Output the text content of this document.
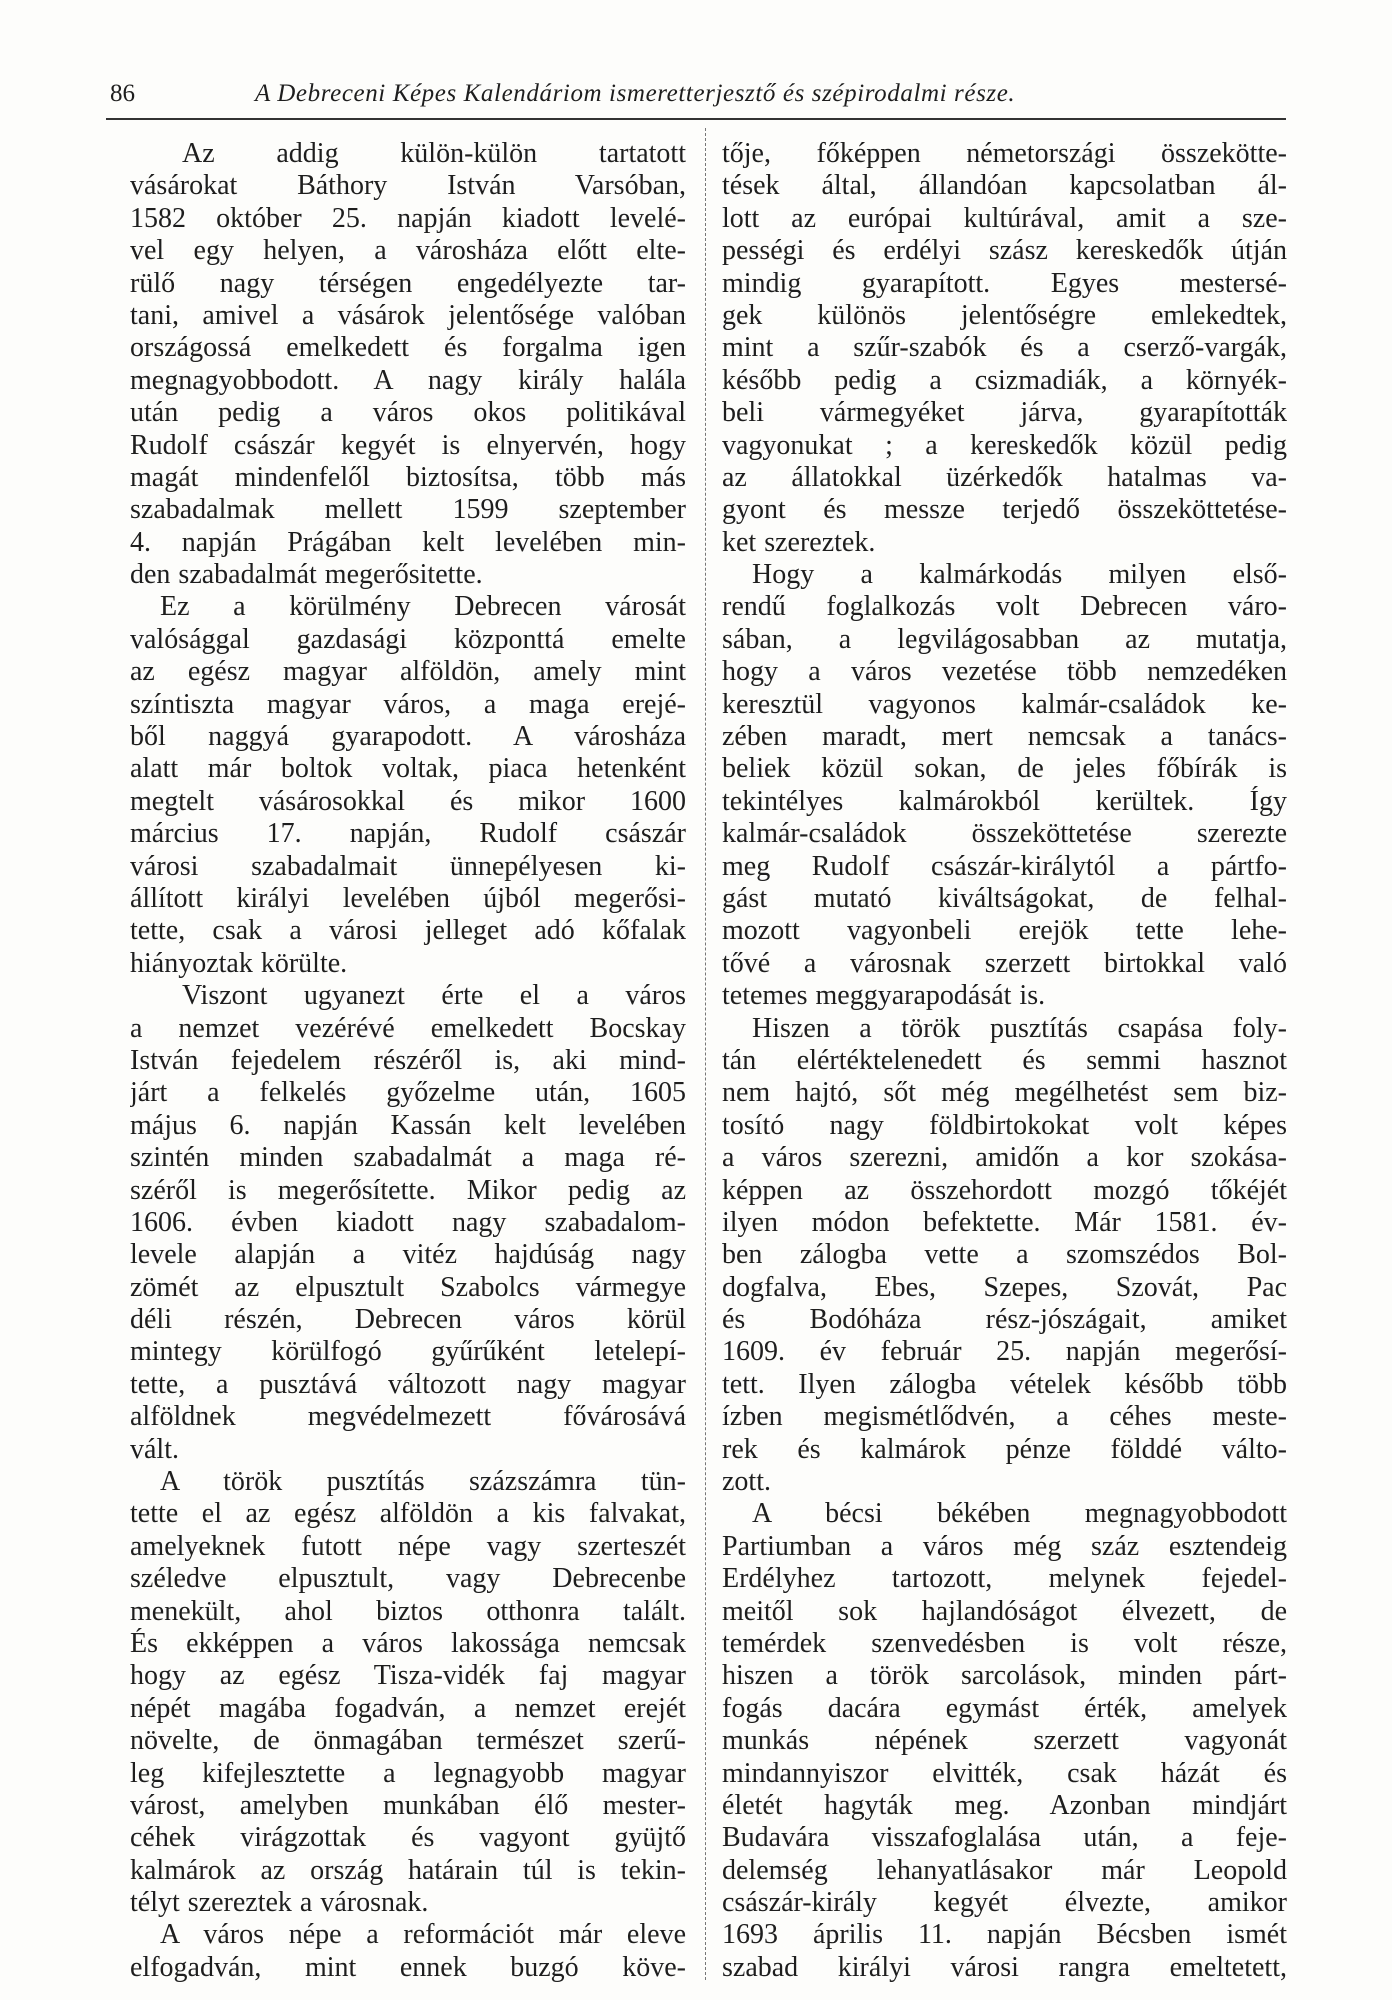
86	A Debreceni Képes Kalendáriom ismeretterjesztő és szépirodalmi része.
Az addig külön-külön tartatott
vásárokat Báthory István Varsóban,
1582 október 25. napján kiadott levelé-
vel egy helyen, a városháza előtt elte-
rülő nagy térségen engedélyezte tar-
tani, amivel a vásárok jelentősége valóban
országossá emelkedett és forgalma igen
megnagyobbodott. A nagy király halála
után pedig a város okos politikával
Rudolf császár kegyét is elnyervén, hogy
magát mindenfelől biztosítsa, több más
szabadalmak mellett 1599 szeptember
4. napján Prágában kelt levelében min-
den szabadalmát megerősitette.
Ez a körülmény Debrecen városát
valósággal gazdasági központtá emelte
az egész magyar alföldön, amely mint
színtiszta magyar város, a maga erejé-
ből naggyá gyarapodott. A városháza
alatt már boltok voltak, piaca hetenként
megtelt vásárosokkal és mikor 1600
március 17. napján, Rudolf császár
városi szabadalmait ünnepélyesen ki-
állított királyi levelében újból megerősi-
tette, csak a városi jelleget adó kőfalak
hiányoztak körülte.
Viszont ugyanezt érte el a város
a nemzet vezérévé emelkedett Bocskay
István fejedelem részéről is, aki mind-
járt a felkelés győzelme után, 1605
május 6. napján Kassán kelt levelében
szintén minden szabadalmát a maga ré-
széről is megerősítette. Mikor pedig az
1606. évben kiadott nagy szabadalom-
levele alapján a vitéz hajdúság nagy
zömét az elpusztult Szabolcs vármegye
déli részén, Debrecen város körül
mintegy körülfogó gyűrűként letelepí-
tette, a pusztává változott nagy magyar
alföldnek megvédelmezett fővárosává
vált.
A török pusztítás százszámra tün-
tette el az egész alföldön a kis falvakat,
amelyeknek futott népe vagy szerteszét
széledve elpusztult, vagy Debrecenbe
menekült, ahol biztos otthonra talált.
És ekképpen a város lakossága nemcsak
hogy az egész Tisza-vidék faj magyar
népét magába fogadván, a nemzet erejét
növelte, de önmagában természet szerű-
leg kifejlesztette a legnagyobb magyar
várost, amelyben munkában élő mester-
céhek virágzottak és vagyont gyüjtő
kalmárok az ország határain túl is tekin-
télyt szereztek a városnak.
A város népe a reformációt már eleve
elfogadván, mint ennek buzgó köve-
tője, főképpen németországi összekötte-
tések által, állandóan kapcsolatban ál-
lott az európai kultúrával, amit a sze-
pességi és erdélyi szász kereskedők útján
mindig gyarapított. Egyes mestersé-
gek különös jelentőségre emlekedtek,
mint a szűr-szabók és a cserző-vargák,
később pedig a csizmadiák, a környék-
beli vármegyéket járva, gyarapították
vagyonukat ; a kereskedők közül pedig
az állatokkal üzérkedők hatalmas va-
gyont és messze terjedő összeköttetése-
ket szereztek.
Hogy a kalmárkodás milyen első-
rendű foglalkozás volt Debrecen váro-
sában, a legvilágosabban az mutatja,
hogy a város vezetése több nemzedéken
keresztül vagyonos kalmár-családok ke-
zében maradt, mert nemcsak a tanács-
beliek közül sokan, de jeles főbírák is
tekintélyes kalmárokból kerültek. Így
kalmár-családok összeköttetése szerezte
meg Rudolf császár-királytól a pártfo-
gást mutató kiváltságokat, de felhal-
mozott vagyonbeli erejök tette lehe-
tővé a városnak szerzett birtokkal való
tetemes meggyarapodását is.
Hiszen a török pusztítás csapása foly-
tán elértéktelenedett és semmi hasznot
nem hajtó, sőt még megélhetést sem biz-
tosító nagy földbirtokokat volt képes
a város szerezni, amidőn a kor szokása-
képpen az összehordott mozgó tőkéjét
ilyen módon befektette. Már 1581. év-
ben zálogba vette a szomszédos Bol-
dogfalva, Ebes, Szepes, Szovát, Pac
és Bodóháza rész-jószágait, amiket
1609. év február 25. napján megerősí-
tett. Ilyen zálogba vételek később több
ízben megismétlődvén, a céhes meste-
rek és kalmárok pénze földdé válto-
zott.
A bécsi békében megnagyobbodott
Partiumban a város még száz esztendeig
Erdélyhez tartozott, melynek fejedel-
meitől sok hajlandóságot élvezett, de
temérdek szenvedésben is volt része,
hiszen a török sarcolások, minden párt-
fogás dacára egymást érték, amelyek
munkás népének szerzett vagyonát
mindannyiszor elvitték, csak házát és
életét hagyták meg. Azonban mindjárt
Budavára visszafoglalása után, a feje-
delemség lehanyatlásakor már Leopold
császár-király kegyét élvezte, amikor
1693 április 11. napján Bécsben ismét
szabad királyi városi rangra emeltetett,
